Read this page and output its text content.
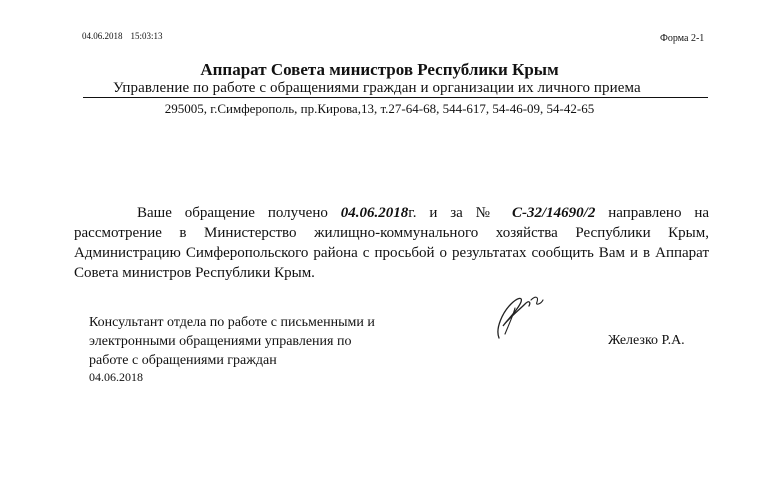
04.06.2018 15:03:13	Форма 2-1
Аппарат Совета министров Республики Крым
Управление по работе с обращениями граждан и организации их личного приема
295005, г.Симферополь, пр.Кирова,13, т.27-64-68, 544-617, 54-46-09, 54-42-65

Ваше обращение получено 04.06.2018г. и за № С-32/14690/2 направлено на рассмотрение в Министерство жилищно-коммунального хозяйства Республики Крым, Администрацию Симферопольского района с просьбой о результатах сообщить Вам и в Аппарат Совета министров Республики Крым.

Консультант отдела по работе с письменными и
электронными обращениями управления по
работе с обращениями граждан
04.06.2018
Железко Р.А.
